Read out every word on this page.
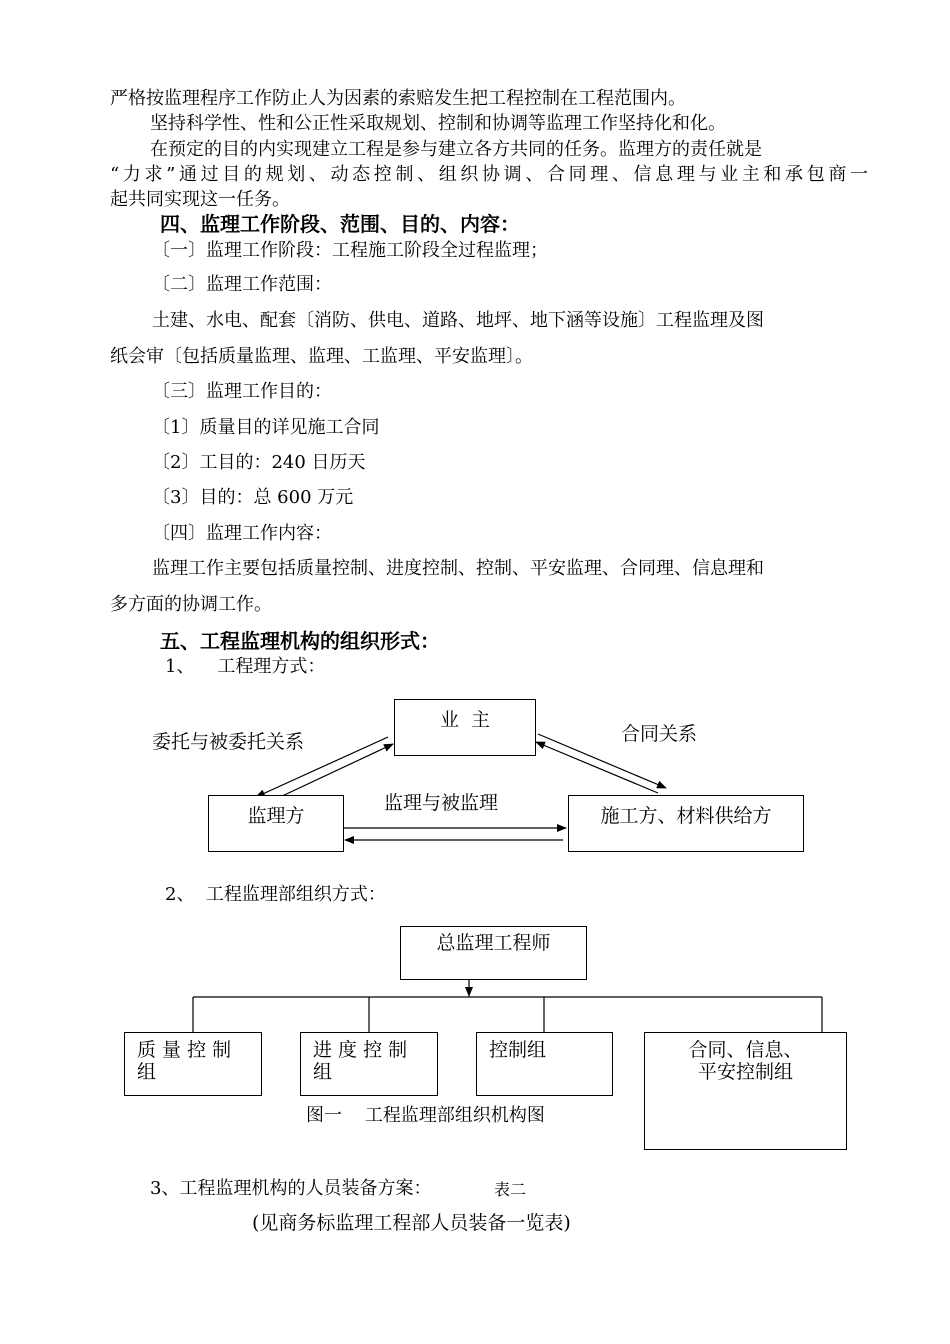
严格按监理程序工作防止人为因素的索赔发生把工程控制在工程范围内。
坚持科学性、性和公正性采取规划、控制和协调等监理工作坚持化和化。
在预定的目的内实现建立工程是参与建立各方共同的任务。监理方的责任就是
“力求”通过目的规划、动态控制、组织协调、合同理、信息理与业主和承包商一
起共同实现这一任务。
四、监理工作阶段、范围、目的、内容：
〔一〕监理工作阶段：工程施工阶段全过程监理；
〔二〕监理工作范围：
土建、水电、配套〔消防、供电、道路、地坪、地下涵等设施〕工程监理及图
纸会审〔包括质量监理、监理、工监理、平安监理〕。
〔三〕监理工作目的：
〔1〕质量目的详见施工合同
〔2〕工目的：240 日历天
〔3〕目的：总 600 万元
〔四〕监理工作内容：
监理工作主要包括质量控制、进度控制、控制、平安监理、合同理、信息理和
多方面的协调工作。
五、工程监理机构的组织形式：
1、    工程理方式：
业  主
监理方	施工方、材料供给方
委托与被委托关系	合同关系
监理与被监理
2、  工程监理部组织方式：
总监理工程师
质 量 控 制 组
进 度 控 制 组
控制组	合同、信息、平安控制组
图一    工程监理部组织机构图
3、工程监理机构的人员装备方案：	表二
(见商务标监理工程部人员装备一览表)
